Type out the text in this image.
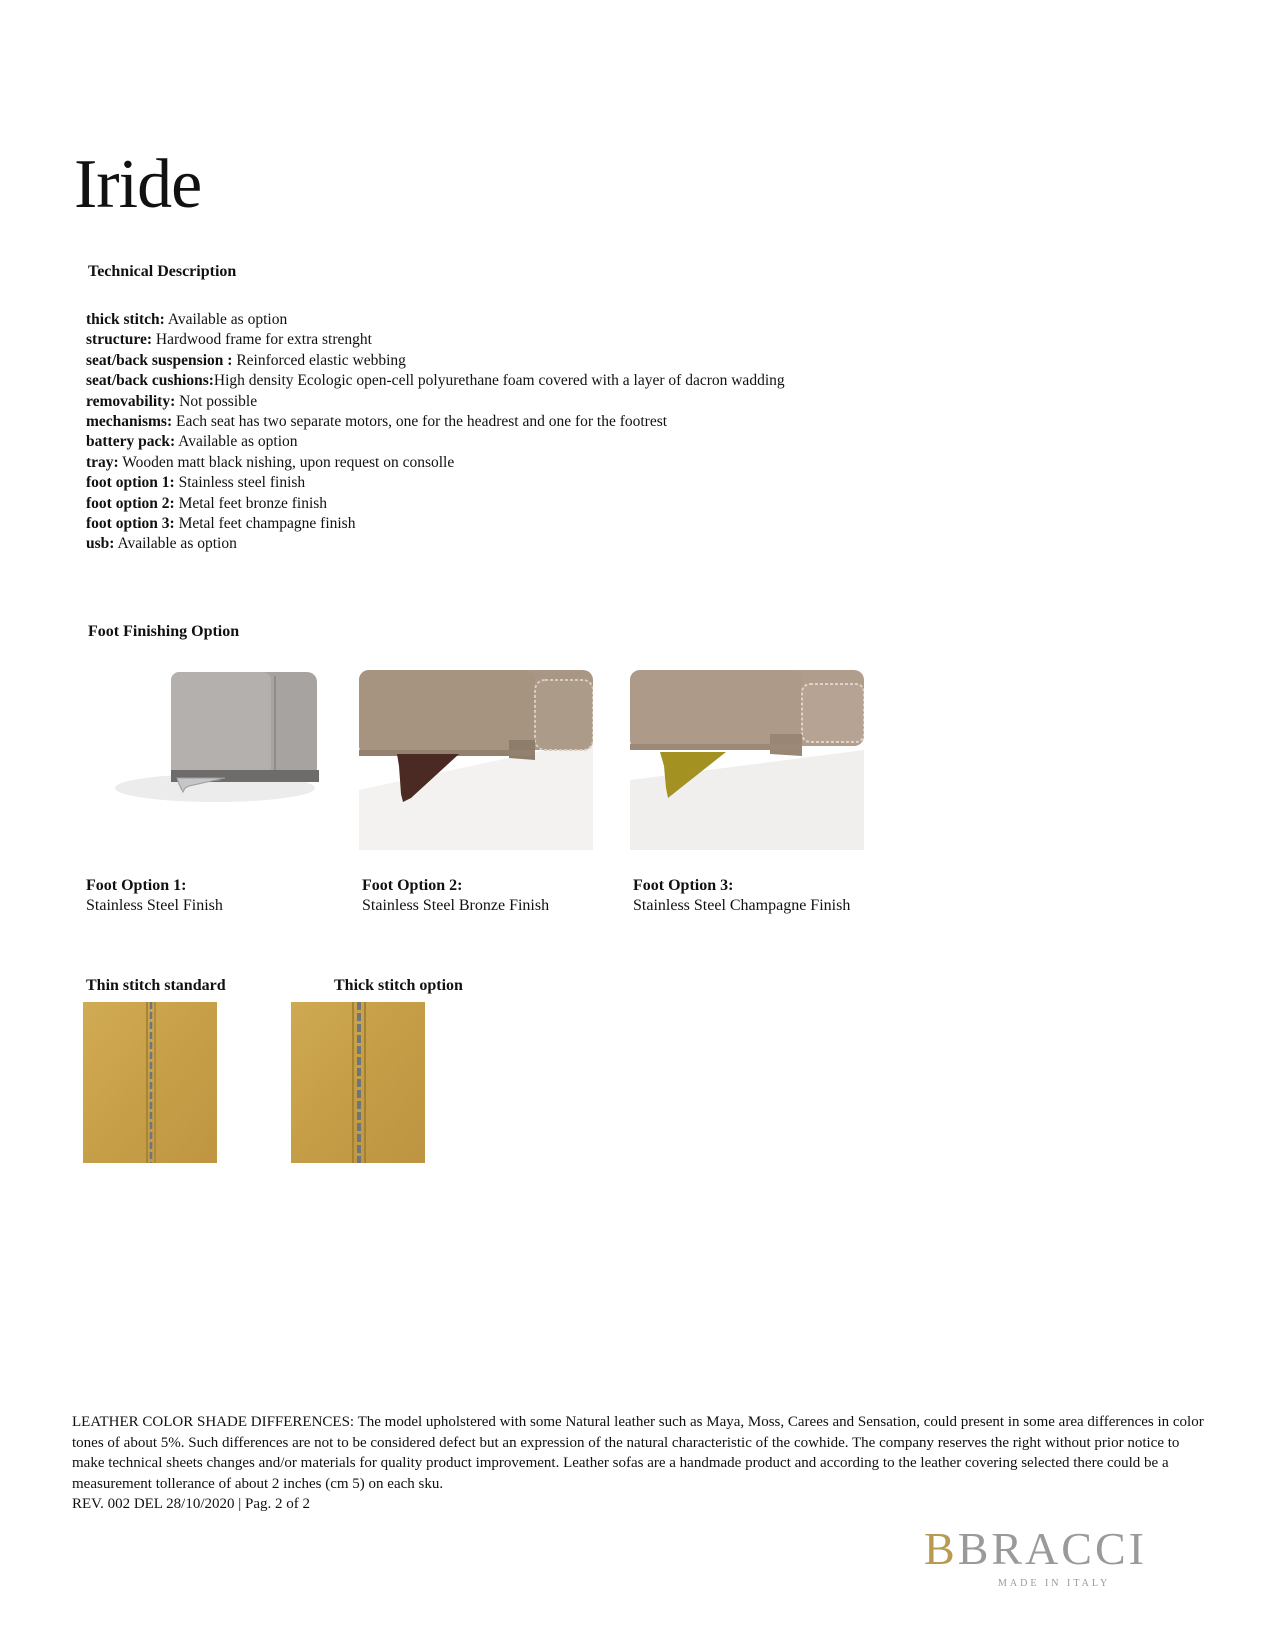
Iride
Technical Description
thick stitch: Available as option
structure: Hardwood frame for extra strenght
seat/back suspension : Reinforced elastic webbing
seat/back cushions:High density Ecologic open-cell polyurethane foam covered with a layer of dacron wadding
removability: Not possible
mechanisms: Each seat has two separate motors, one for the headrest and one for the footrest
battery pack: Available as option
tray: Wooden matt black nishing, upon request on consolle
foot option 1: Stainless steel finish
foot option 2: Metal feet bronze finish
foot option 3: Metal feet champagne finish
usb: Available as option
Foot Finishing Option
Foot Option 1:
Stainless Steel Finish
Foot Option 2:
Stainless Steel Bronze Finish
Foot Option 3:
Stainless Steel Champagne Finish
Thin stitch standard	Thick stitch option

LEATHER COLOR SHADE DIFFERENCES: The model upholstered with some Natural leather such as Maya, Moss, Carees and Sensation, could present in some area differences in color tones of about 5%. Such differences are not to be considered defect but an expression of the natural characteristic of the cowhide. The company reserves the right without prior notice to make technical sheets changes and/or materials for quality product improvement. Leather sofas are a handmade product and according to the leather covering selected there could be a measurement tollerance of about 2 inches (cm 5) on each sku.
REV. 002 DEL 28/10/2020 | Pag. 2 of 2

BBRACCI
MADE IN ITALY
